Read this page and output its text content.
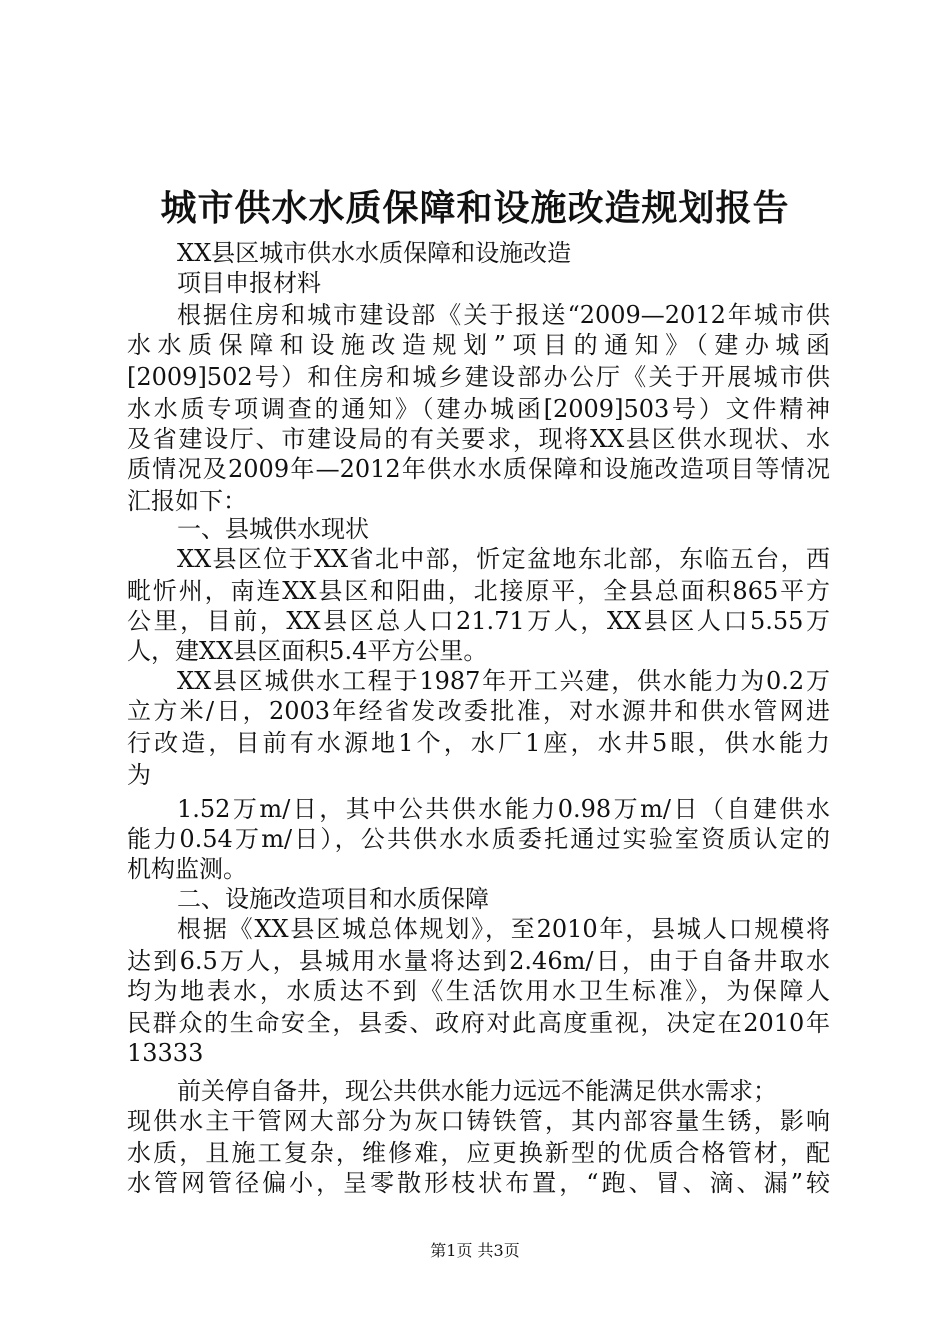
城市供水水质保障和设施改造规划报告
XX县区城市供水水质保障和设施改造
项目申报材料
根据住房和城市建设部《关于报送“2009—2012年城市供
水水质保障和设施改造规划”项目的通知》（建办城函
[2009]502号）和住房和城乡建设部办公厅《关于开展城市供
水水质专项调查的通知》（建办城函[2009]503号）文件精神
及省建设厅、市建设局的有关要求，现将XX县区供水现状、水
质情况及2009年—2012年供水水质保障和设施改造项目等情况
汇报如下：
一、县城供水现状
XX县区位于XX省北中部，忻定盆地东北部，东临五台，西
毗忻州，南连XX县区和阳曲，北接原平，全县总面积865平方
公里，目前，XX县区总人口21.71万人，XX县区人口5.55万
人，建XX县区面积5.4平方公里。
XX县区城供水工程于1987年开工兴建，供水能力为0.2万
立方米/日，2003年经省发改委批准，对水源井和供水管网进
行改造，目前有水源地1个，水厂1座，水井5眼，供水能力
为
1.52万m/日，其中公共供水能力0.98万m/日（自建供水
能力0.54万m/日），公共供水水质委托通过实验室资质认定的
机构监测。
二、设施改造项目和水质保障
根据《XX县区城总体规划》，至2010年，县城人口规模将
达到6.5万人，县城用水量将达到2.46m/日，由于自备井取水
均为地表水，水质达不到《生活饮用水卫生标准》，为保障人
民群众的生命安全，县委、政府对此高度重视，决定在2010年
13333
前关停自备井，现公共供水能力远远不能满足供水需求；
现供水主干管网大部分为灰口铸铁管，其内部容量生锈，影响
水质，且施工复杂，维修难，应更换新型的优质合格管材，配
水管网管径偏小，呈零散形枝状布置，“跑、冒、滴、漏”较
第1页 共3页
